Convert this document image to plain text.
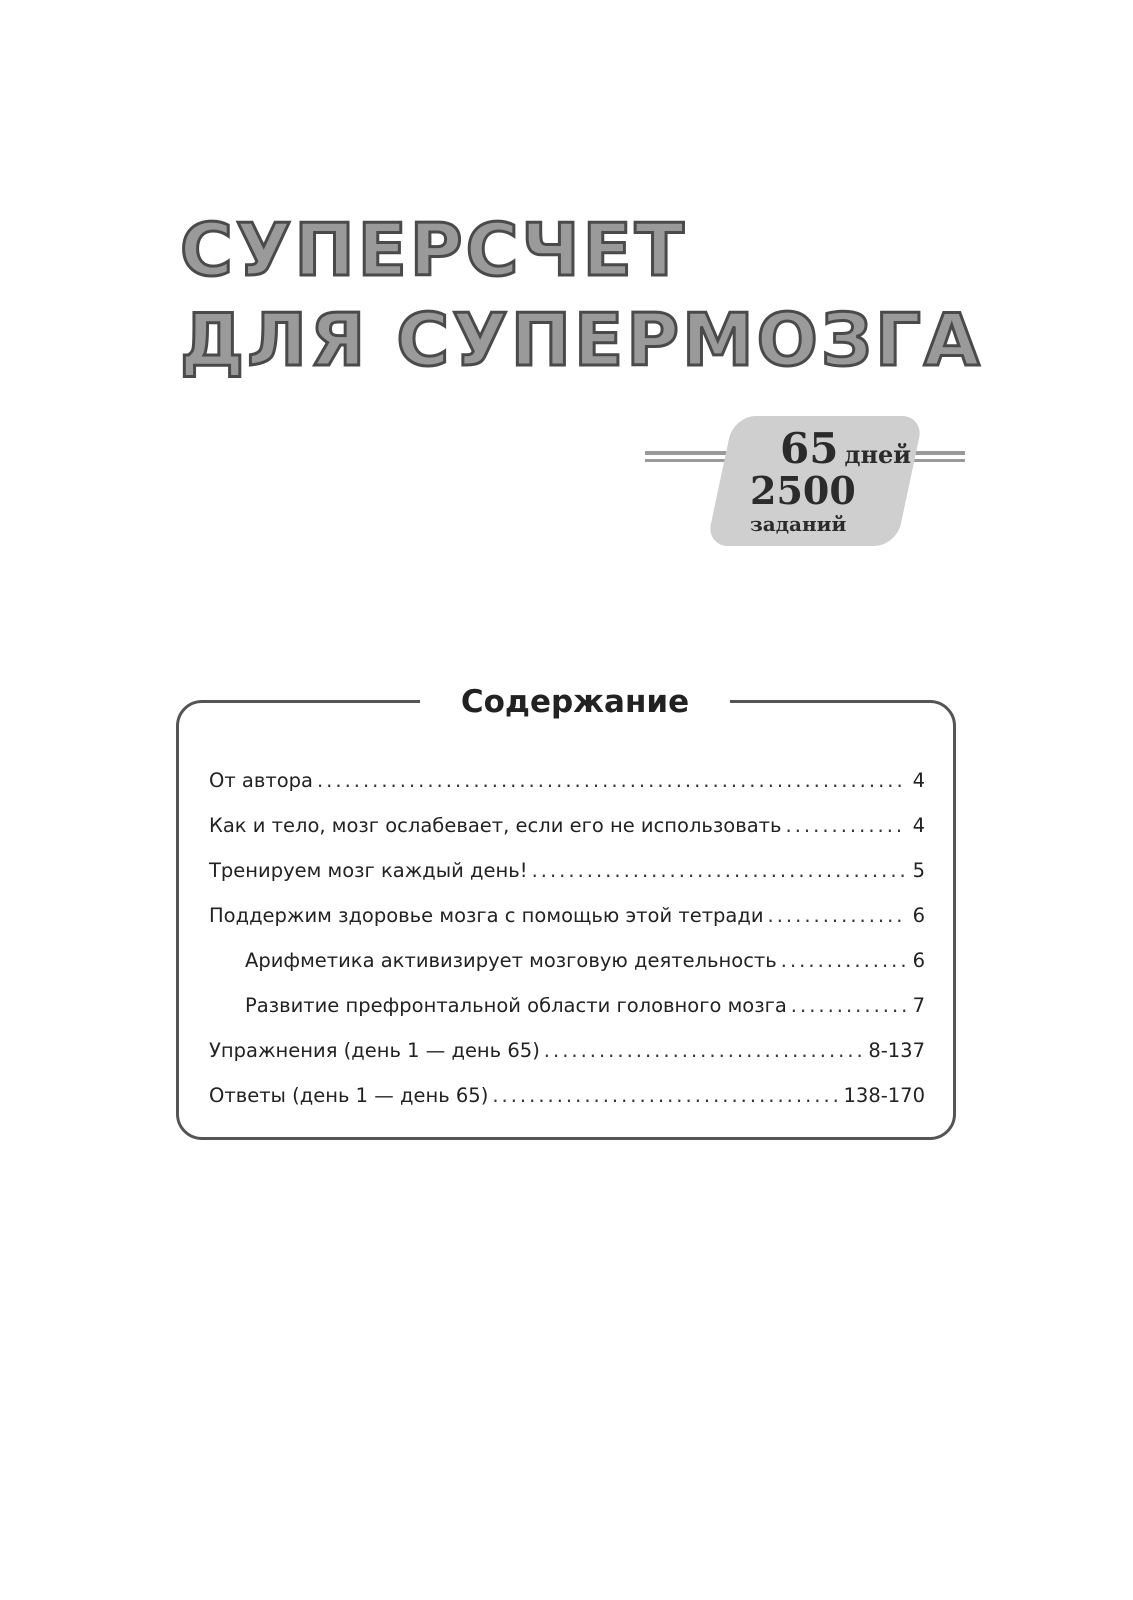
СУПЕРСЧЕТ
ДЛЯ СУПЕРМОЗГА
65 дней
2500
заданий
Содержание
От автора .....	4
Как и тело, мозг ослабевает, если его не использовать .....	4
Тренируем мозг каждый день! .....	5
Поддержим здоровье мозга с помощью этой тетради .....	6
Арифметика активизирует мозговую деятельность .....	6
Развитие префронтальной области головного мозга .....	7
Упражнения (день 1 — день 65) .....	8-137
Ответы (день 1 — день 65) .....	138-170
